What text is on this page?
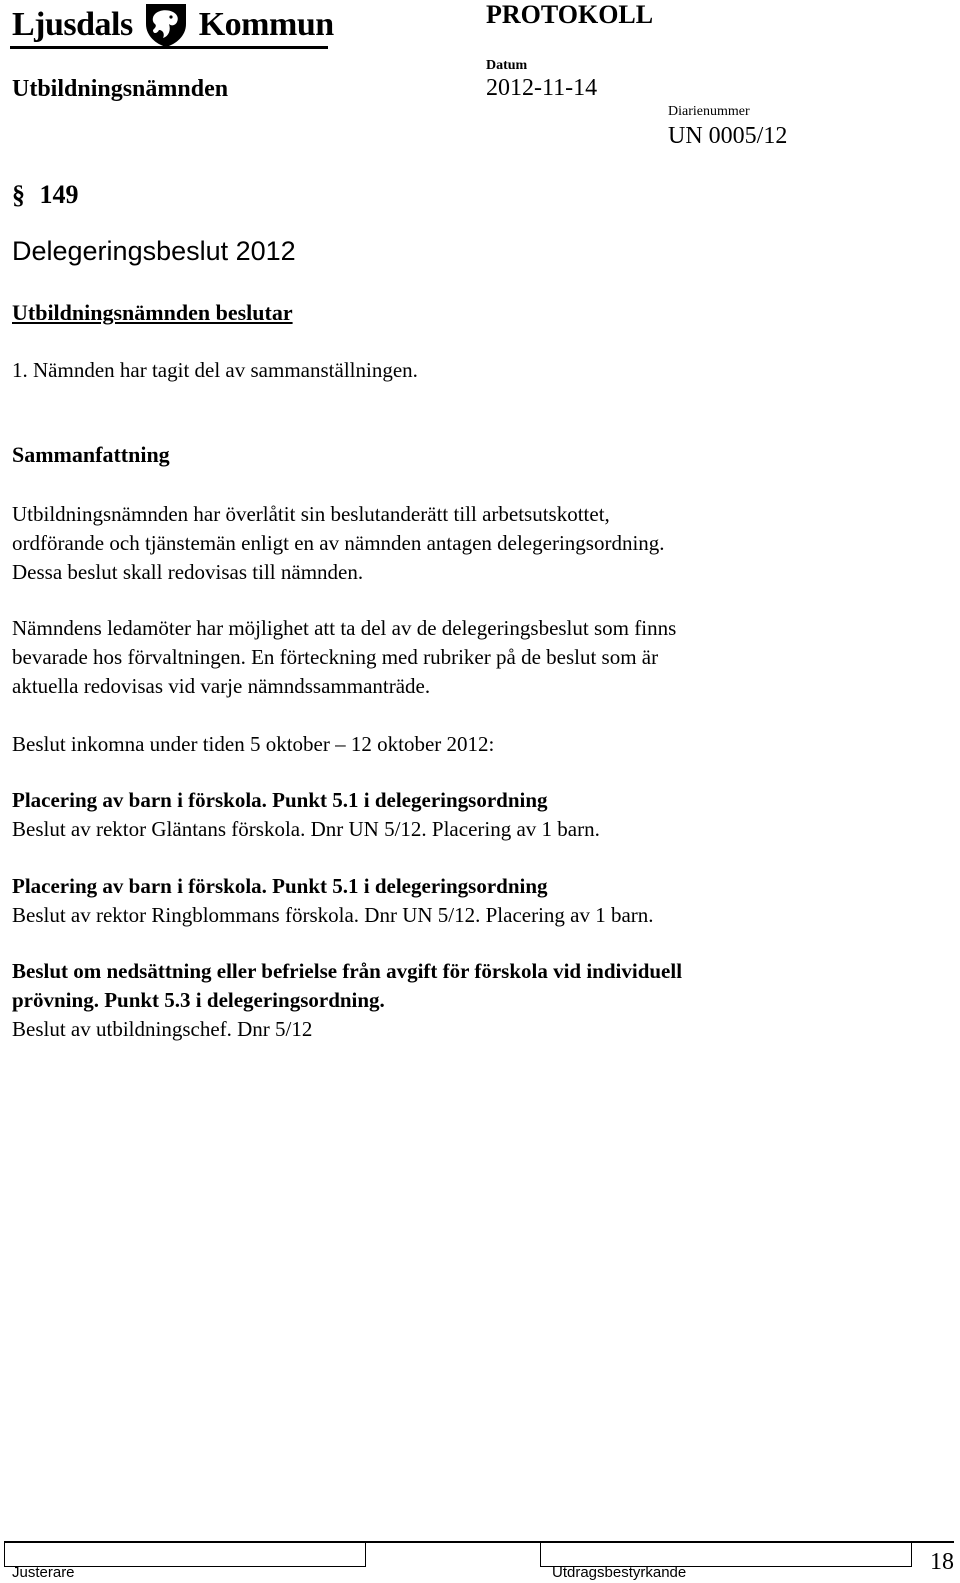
Ljusdals Kommun	PROTOKOLL
Utbildningsnämnden
Datum
2012-11-14
Diarienummer
UN 0005/12
§ 149
Delegeringsbeslut 2012
Utbildningsnämnden beslutar
1. Nämnden har tagit del av sammanställningen.
Sammanfattning
Utbildningsnämnden har överlåtit sin beslutanderätt till arbetsutskottet,
ordförande och tjänstemän enligt en av nämnden antagen delegeringsordning.
Dessa beslut skall redovisas till nämnden.
Nämndens ledamöter har möjlighet att ta del av de delegeringsbeslut som finns
bevarade hos förvaltningen. En förteckning med rubriker på de beslut som är
aktuella redovisas vid varje nämndssammanträde.
Beslut inkomna under tiden 5 oktober – 12 oktober 2012:
Placering av barn i förskola. Punkt 5.1 i delegeringsordning
Beslut av rektor Gläntans förskola. Dnr UN 5/12. Placering av 1 barn.
Placering av barn i förskola. Punkt 5.1 i delegeringsordning
Beslut av rektor Ringblommans förskola. Dnr UN 5/12. Placering av 1 barn.
Beslut om nedsättning eller befrielse från avgift för förskola vid individuell
prövning. Punkt 5.3 i delegeringsordning.
Beslut av utbildningschef. Dnr 5/12
Justerare	Utdragsbestyrkande	18
